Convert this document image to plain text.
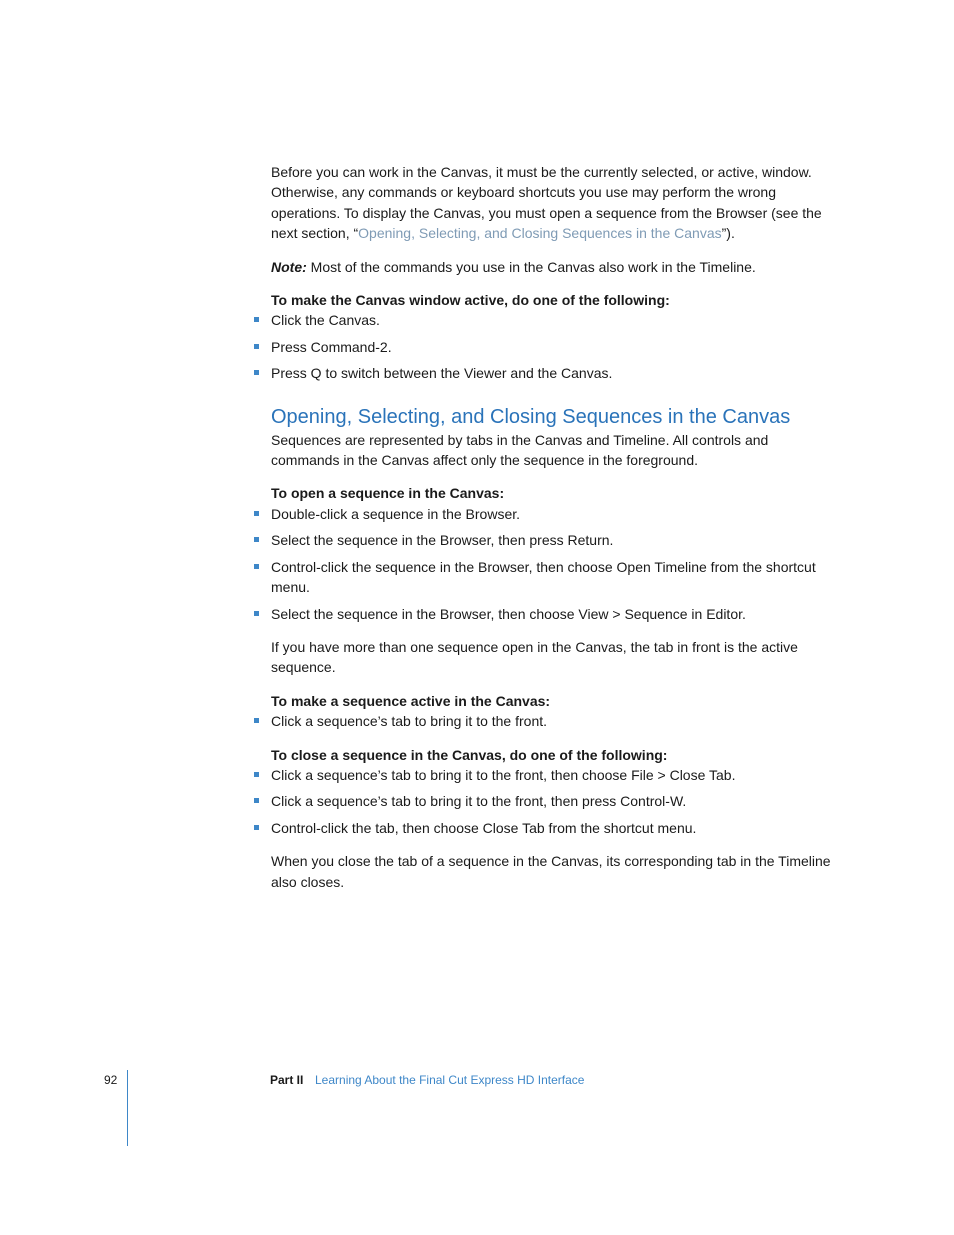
Before you can work in the Canvas, it must be the currently selected, or active, window. Otherwise, any commands or keyboard shortcuts you use may perform the wrong operations. To display the Canvas, you must open a sequence from the Browser (see the next section, “Opening, Selecting, and Closing Sequences in the Canvas”).

Note: Most of the commands you use in the Canvas also work in the Timeline.

To make the Canvas window active, do one of the following:

Click the Canvas.
Press Command-2.
Press Q to switch between the Viewer and the Canvas.
Opening, Selecting, and Closing Sequences in the Canvas

Sequences are represented by tabs in the Canvas and Timeline. All controls and commands in the Canvas affect only the sequence in the foreground.

To open a sequence in the Canvas:

Double-click a sequence in the Browser.
Select the sequence in the Browser, then press Return.
Control-click the sequence in the Browser, then choose Open Timeline from the shortcut menu.
Select the sequence in the Browser, then choose View > Sequence in Editor.

If you have more than one sequence open in the Canvas, the tab in front is the active sequence.

To make a sequence active in the Canvas:

Click a sequence’s tab to bring it to the front.

To close a sequence in the Canvas, do one of the following:

Click a sequence’s tab to bring it to the front, then choose File > Close Tab.
Click a sequence’s tab to bring it to the front, then press Control-W.
Control-click the tab, then choose Close Tab from the shortcut menu.

When you close the tab of a sequence in the Canvas, its corresponding tab in the Timeline also closes.

92	Part II Learning About the Final Cut Express HD Interface
